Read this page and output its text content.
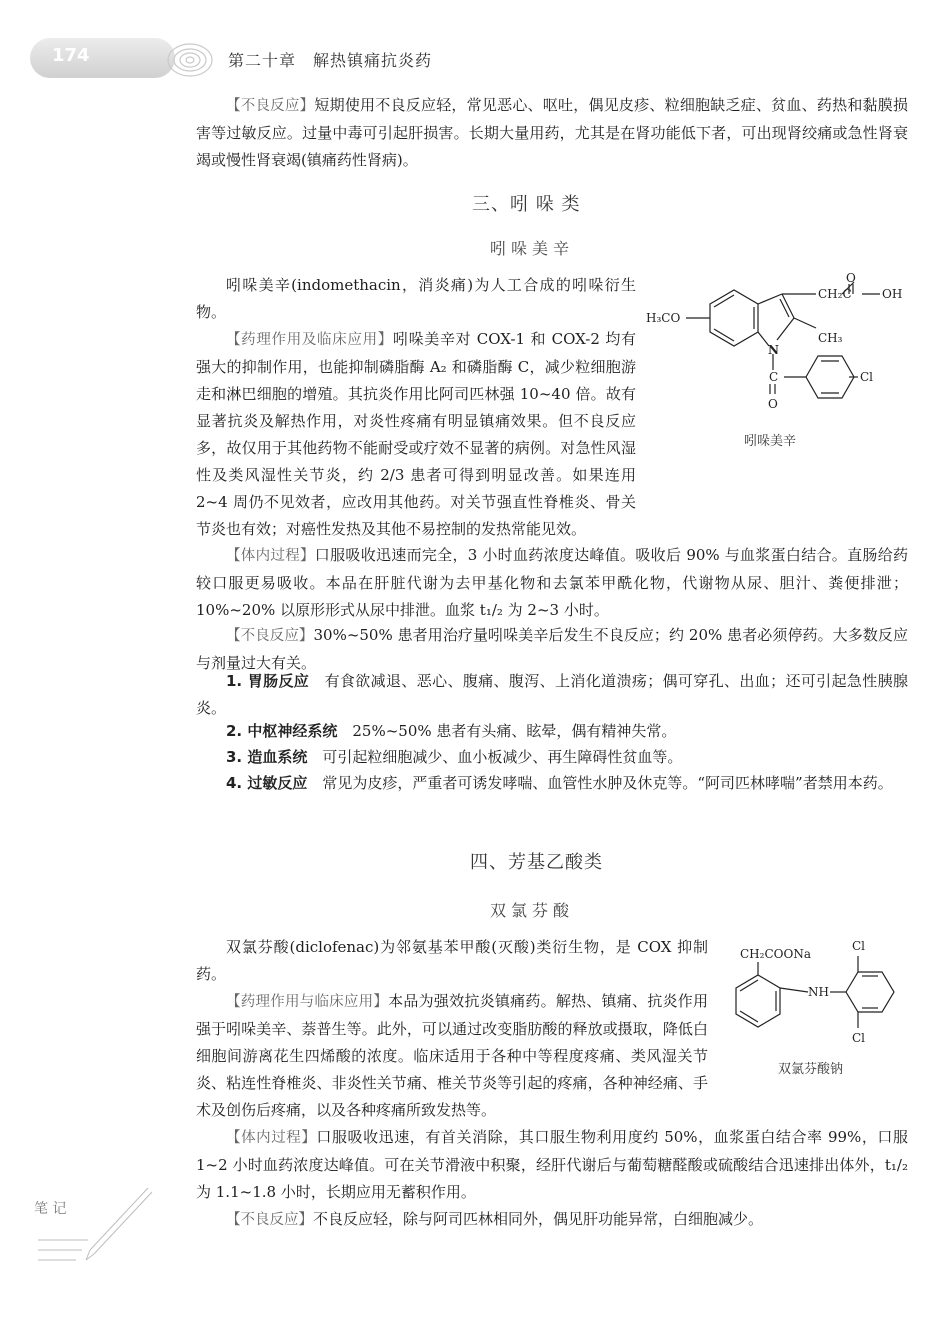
174	第二十章　解热镇痛抗炎药

【不良反应】短期使用不良反应轻，常见恶心、呕吐，偶见皮疹、粒细胞缺乏症、贫血、药热和黏膜损害等过敏反应。过量中毒可引起肝损害。长期大量用药，尤其是在肾功能低下者，可出现肾绞痛或急性肾衰竭或慢性肾衰竭(镇痛药性肾病)。

三、吲 哚 类
吲哚美辛

吲哚美辛(indomethacin，消炎痛)为人工合成的吲哚衍生物。

【药理作用及临床应用】吲哚美辛对 COX-1 和 COX-2 均有强大的抑制作用，也能抑制磷脂酶 A₂ 和磷脂酶 C，减少粒细胞游走和淋巴细胞的增殖。其抗炎作用比阿司匹林强 10~40 倍。故有显著抗炎及解热作用，对炎性疼痛有明显镇痛效果。但不良反应多，故仅用于其他药物不能耐受或疗效不显著的病例。对急性风湿性及类风湿性关节炎，约 2/3 患者可得到明显改善。如果连用 2~4 周仍不见效者，应改用其他药。对关节强直性脊椎炎、骨关节炎也有效；对癌性发热及其他不易控制的发热常能见效。

H₃CO
O
CH₂C	OH
N
CH₃
C
O
Cl
吲哚美辛

【体内过程】口服吸收迅速而完全，3 小时血药浓度达峰值。吸收后 90% 与血浆蛋白结合。直肠给药较口服更易吸收。本品在肝脏代谢为去甲基化物和去氯苯甲酰化物，代谢物从尿、胆汁、粪便排泄；10%~20% 以原形形式从尿中排泄。血浆 t₁/₂ 为 2~3 小时。

【不良反应】30%~50% 患者用治疗量吲哚美辛后发生不良反应；约 20% 患者必须停药。大多数反应与剂量过大有关。

1. 胃肠反应　 有食欲减退、恶心、腹痛、腹泻、上消化道溃疡；偶可穿孔、出血；还可引起急性胰腺炎。

2. 中枢神经系统　 25%~50% 患者有头痛、眩晕，偶有精神失常。

3. 造血系统　 可引起粒细胞减少、血小板减少、再生障碍性贫血等。

4. 过敏反应　 常见为皮疹，严重者可诱发哮喘、血管性水肿及休克等。“阿司匹林哮喘”者禁用本药。

四、芳基乙酸类
双氯芬酸

双氯芬酸(diclofenac)为邻氨基苯甲酸(灭酸)类衍生物，是 COX 抑制药。

【药理作用与临床应用】本品为强效抗炎镇痛药。解热、镇痛、抗炎作用强于吲哚美辛、萘普生等。此外，可以通过改变脂肪酸的释放或摄取，降低白细胞间游离花生四烯酸的浓度。临床适用于各种中等程度疼痛、类风湿关节炎、粘连性脊椎炎、非炎性关节痛、椎关节炎等引起的疼痛，各种神经痛、手术及创伤后疼痛，以及各种疼痛所致发热等。

CH₂COONa
NH
Cl
Cl
双氯芬酸钠

【体内过程】口服吸收迅速，有首关消除，其口服生物利用度约 50%，血浆蛋白结合率 99%，口服 1~2 小时血药浓度达峰值。可在关节滑液中积聚，经肝代谢后与葡萄糖醛酸或硫酸结合迅速排出体外，t₁/₂ 为 1.1~1.8 小时，长期应用无蓄积作用。

【不良反应】不良反应轻，除与阿司匹林相同外，偶见肝功能异常，白细胞减少。

笔 记
